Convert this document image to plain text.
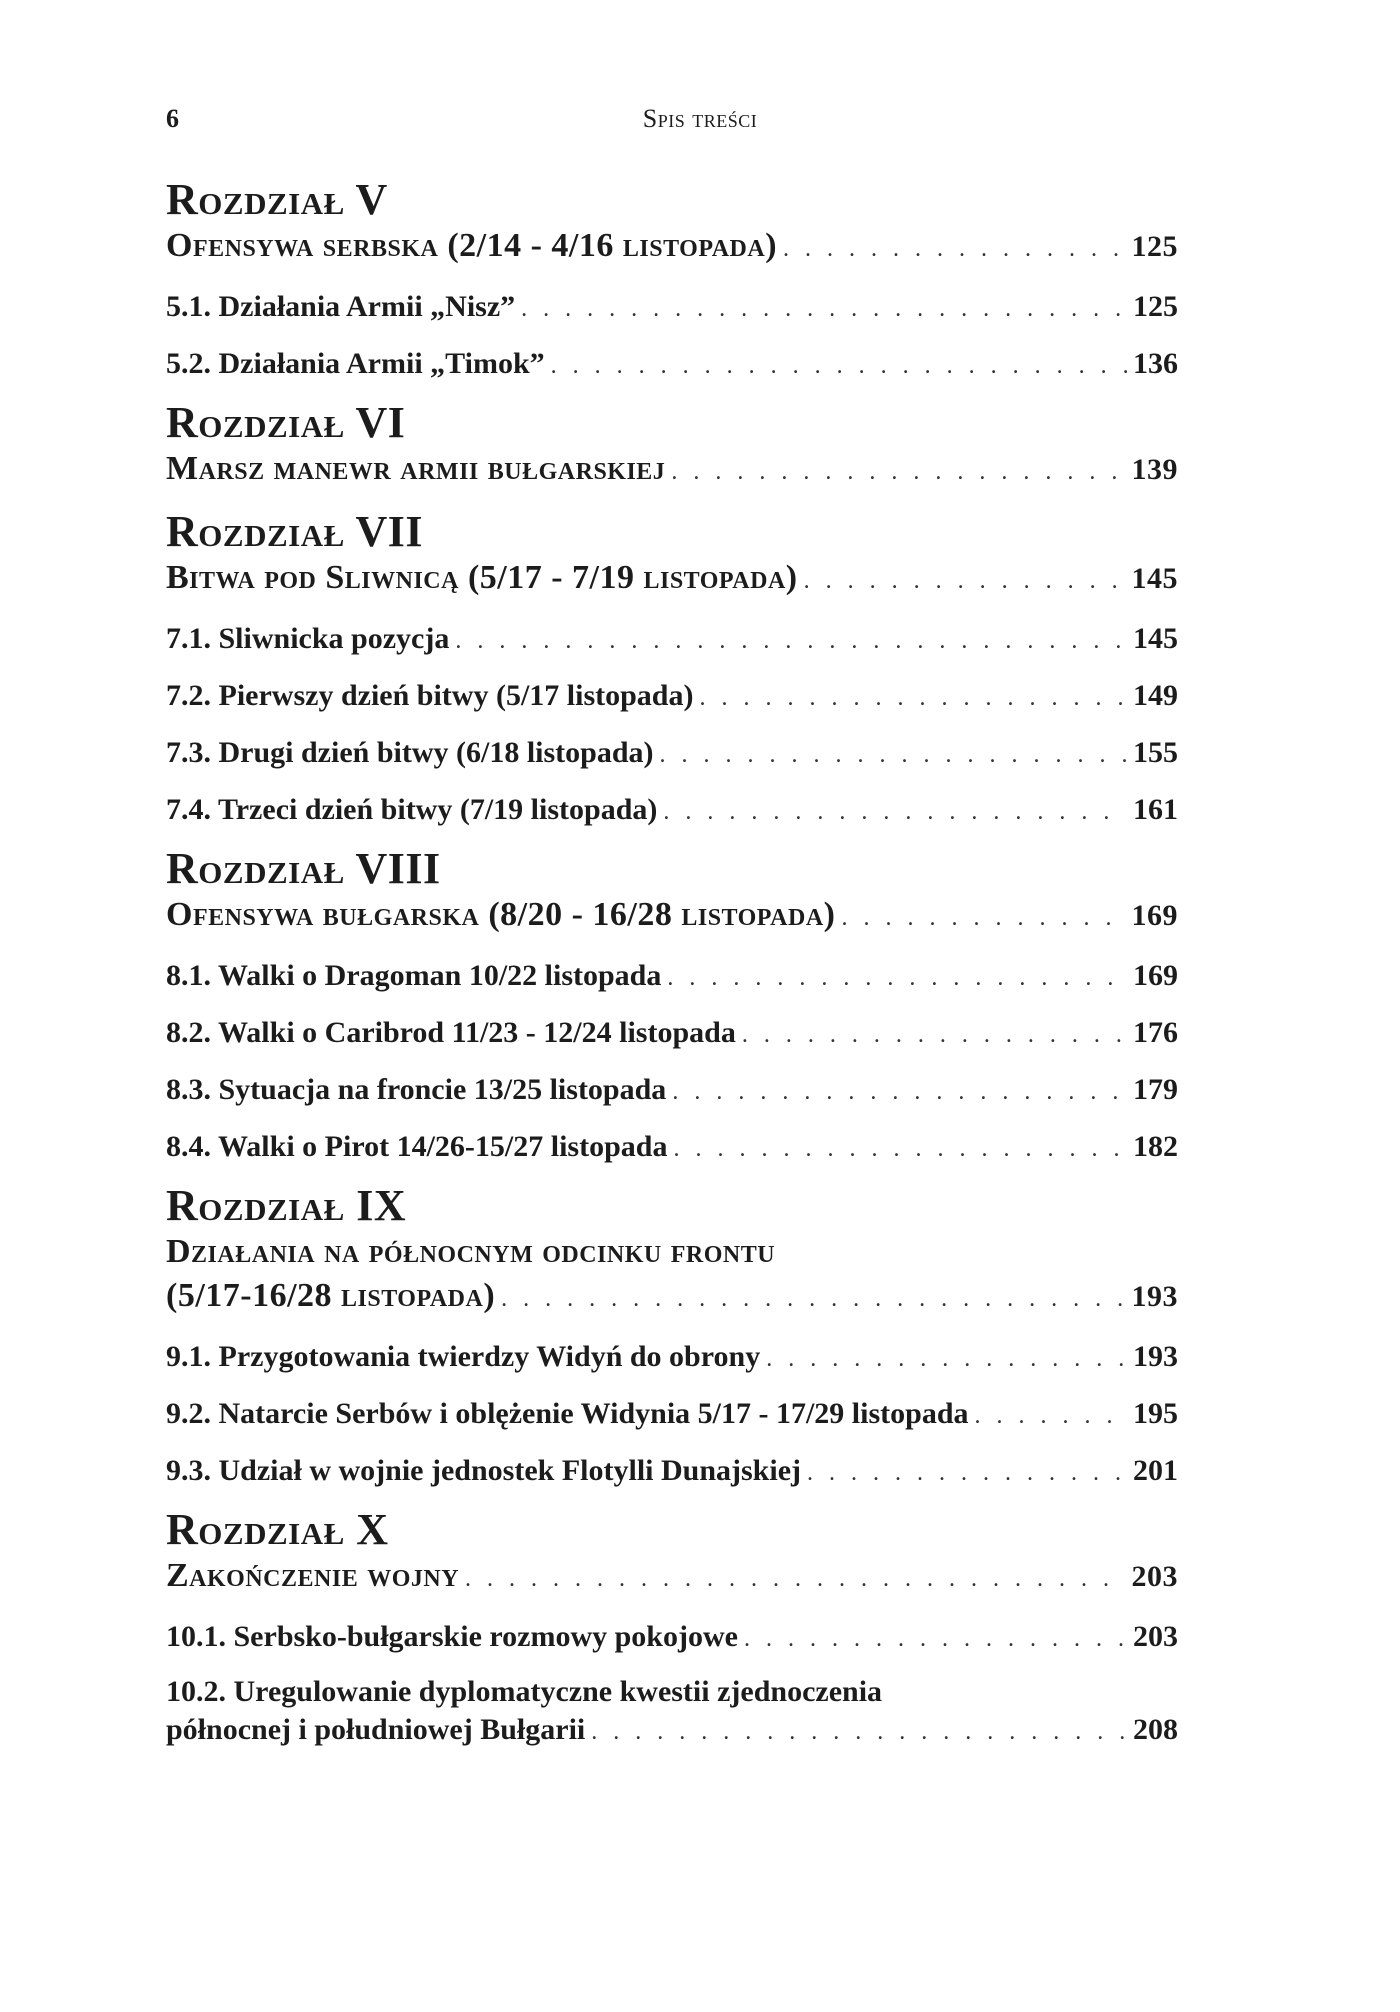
6	Spis treści
Rozdział V
Ofensywa serbska (2/14 - 4/16 listopada) . . .	125
5.1. Działania Armii „Nisz” . . .	125
5.2. Działania Armii „Timok” . . .	136
Rozdział VI
Marsz manewr armii bułgarskiej . . .	139
Rozdział VII
Bitwa pod Sliwnicą (5/17 - 7/19 listopada) . . .	145
7.1. Sliwnicka pozycja . . .	145
7.2. Pierwszy dzień bitwy (5/17 listopada) . . .	149
7.3. Drugi dzień bitwy (6/18 listopada) . . .	155
7.4. Trzeci dzień bitwy (7/19 listopada) . . .	161
Rozdział VIII
Ofensywa bułgarska (8/20 - 16/28 listopada) . . .	169
8.1. Walki o Dragoman 10/22 listopada . . .	169
8.2. Walki o Caribrod 11/23 - 12/24 listopada . . .	176
8.3. Sytuacja na froncie 13/25 listopada . . .	179
8.4. Walki o Pirot 14/26-15/27 listopada . . .	182
Rozdział IX
Działania na północnym odcinku frontu
(5/17-16/28 listopada) . . .	193
9.1. Przygotowania twierdzy Widyń do obrony . . .	193
9.2. Natarcie Serbów i oblężenie Widynia 5/17 - 17/29 listopada . . .	195
9.3. Udział w wojnie jednostek Flotylli Dunajskiej . . .	201
Rozdział X
Zakończenie wojny . . .	203
10.1. Serbsko-bułgarskie rozmowy pokojowe . . .	203
10.2. Uregulowanie dyplomatyczne kwestii zjednoczenia
północnej i południowej Bułgarii . . .	208
